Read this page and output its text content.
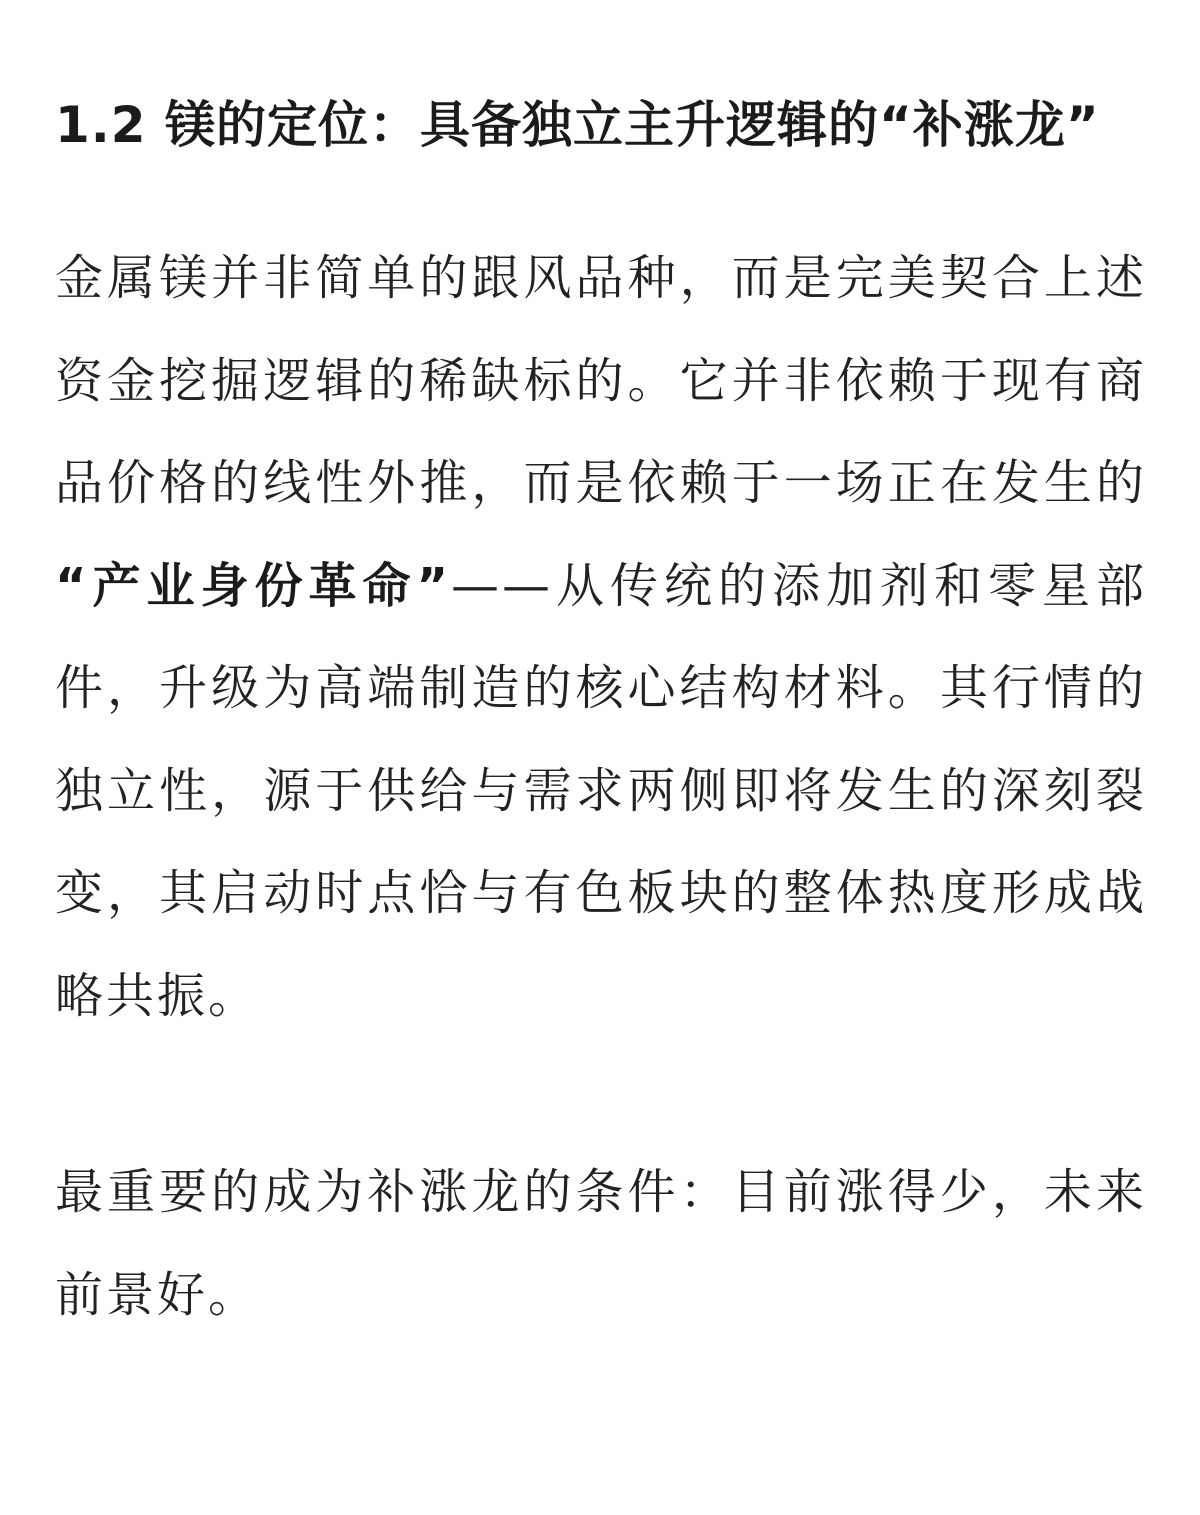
1.2 镁的定位：具备独立主升逻辑的“补涨龙”

金属镁并非简单的跟风品种，而是完美契合上述资金挖掘逻辑的稀缺标的。它并非依赖于现有商品价格的线性外推，而是依赖于一场正在发生的 “产业身份革命”——从传统的添加剂和零星部件，升级为高端制造的核心结构材料。其行情的独立性，源于供给与需求两侧即将发生的深刻裂变，其启动时点恰与有色板块的整体热度形成战略共振。

最重要的成为补涨龙的条件：目前涨得少，未来前景好。
